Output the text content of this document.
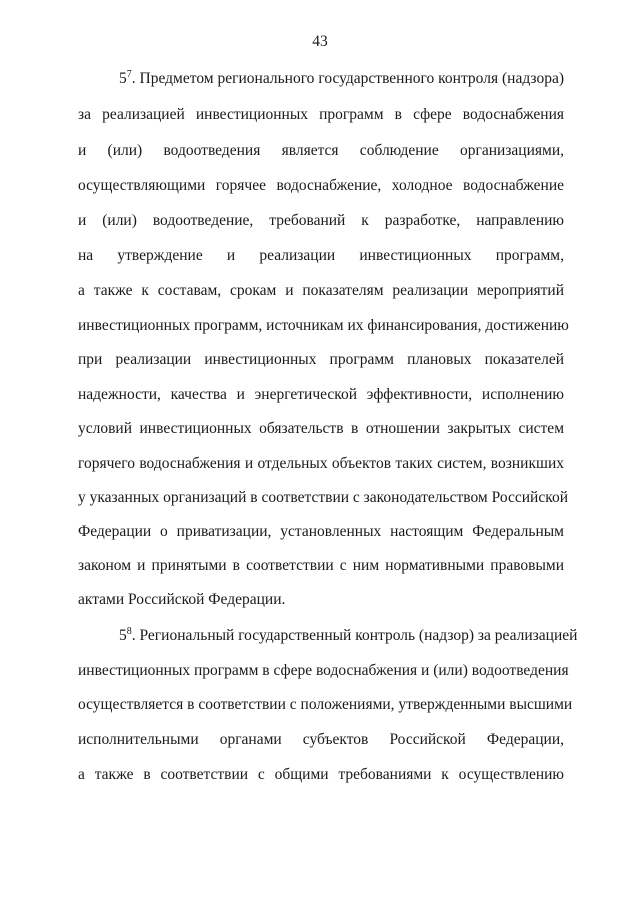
43
$5^7$. Предметом регионального государственного контроля (надзора)
за реализацией инвестиционных программ в сфере водоснабжения
и (или) водоотведения является соблюдение организациями,
осуществляющими горячее водоснабжение, холодное водоснабжение
и (или) водоотведение, требований к разработке, направлению
на утверждение и реализации инвестиционных программ,
а также к составам, срокам и показателям реализации мероприятий
инвестиционных программ, источникам их финансирования, достижению
при реализации инвестиционных программ плановых показателей
надежности, качества и энергетической эффективности, исполнению
условий инвестиционных обязательств в отношении закрытых систем
горячего водоснабжения и отдельных объектов таких систем, возникших
у указанных организаций в соответствии с законодательством Российской
Федерации о приватизации, установленных настоящим Федеральным
законом и принятыми в соответствии с ним нормативными правовыми
актами Российской Федерации.
$5^8$. Региональный государственный контроль (надзор) за реализацией
инвестиционных программ в сфере водоснабжения и (или) водоотведения
осуществляется в соответствии с положениями, утвержденными высшими
исполнительными органами субъектов Российской Федерации,
а также в соответствии с общими требованиями к осуществлению
